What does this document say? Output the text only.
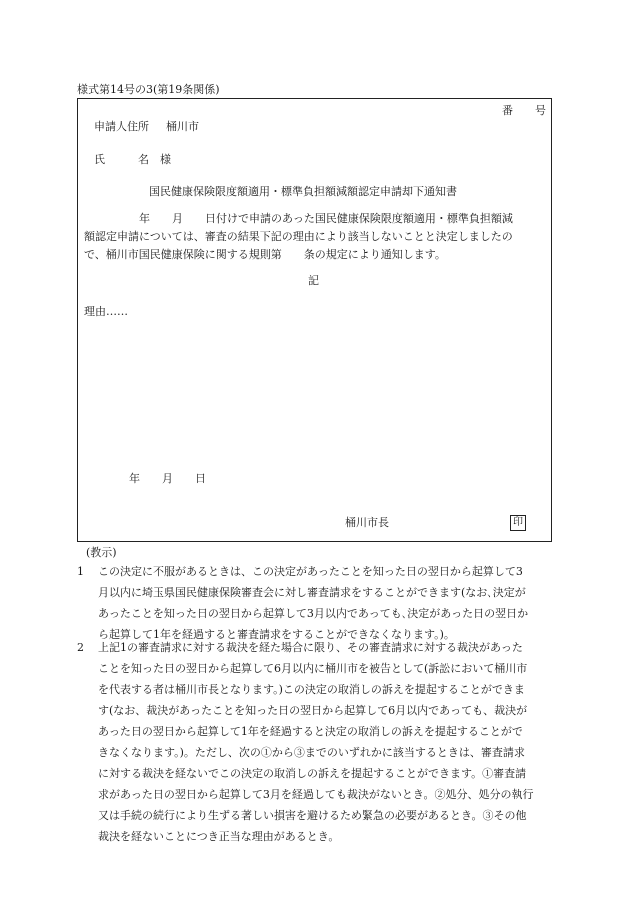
様式第14号の3(第19条関係)
番　　号
申請人住所 桶川市
氏　　　名　様
国民健康保険限度額適用・標準負担額減額認定申請却下通知書
　　　　　年　　月　　日付けで申請のあった国民健康保険限度額適用・標準負担額減
額認定申請については、審査の結果下記の理由により該当しないことと決定しましたの
で、桶川市国民健康保険に関する規則第　　条の規定により通知します。
記
理由……
年　　月　　日
桶川市長	印
(教示)
1 この決定に不服があるときは、この決定があったことを知った日の翌日から起算して3
月以内に埼玉県国民健康保険審査会に対し審査請求をすることができます(なお､決定が
あったことを知った日の翌日から起算して3月以内であっても､決定があった日の翌日か
ら起算して1年を経過すると審査請求をすることができなくなります。)。
2 上記1の審査請求に対する裁決を経た場合に限り、その審査請求に対する裁決があった
ことを知った日の翌日から起算して6月以内に桶川市を被告として(訴訟において桶川市
を代表する者は桶川市長となります。)この決定の取消しの訴えを提起することができま
す(なお、裁決があったことを知った日の翌日から起算して6月以内であっても、裁決が
あった日の翌日から起算して1年を経過すると決定の取消しの訴えを提起することがで
きなくなります。)。ただし、次の①から③までのいずれかに該当するときは、審査請求
に対する裁決を経ないでこの決定の取消しの訴えを提起することができます。①審査請
求があった日の翌日から起算して3月を経過しても裁決がないとき。②処分、処分の執行
又は手続の続行により生ずる著しい損害を避けるため緊急の必要があるとき。③その他
裁決を経ないことにつき正当な理由があるとき。
